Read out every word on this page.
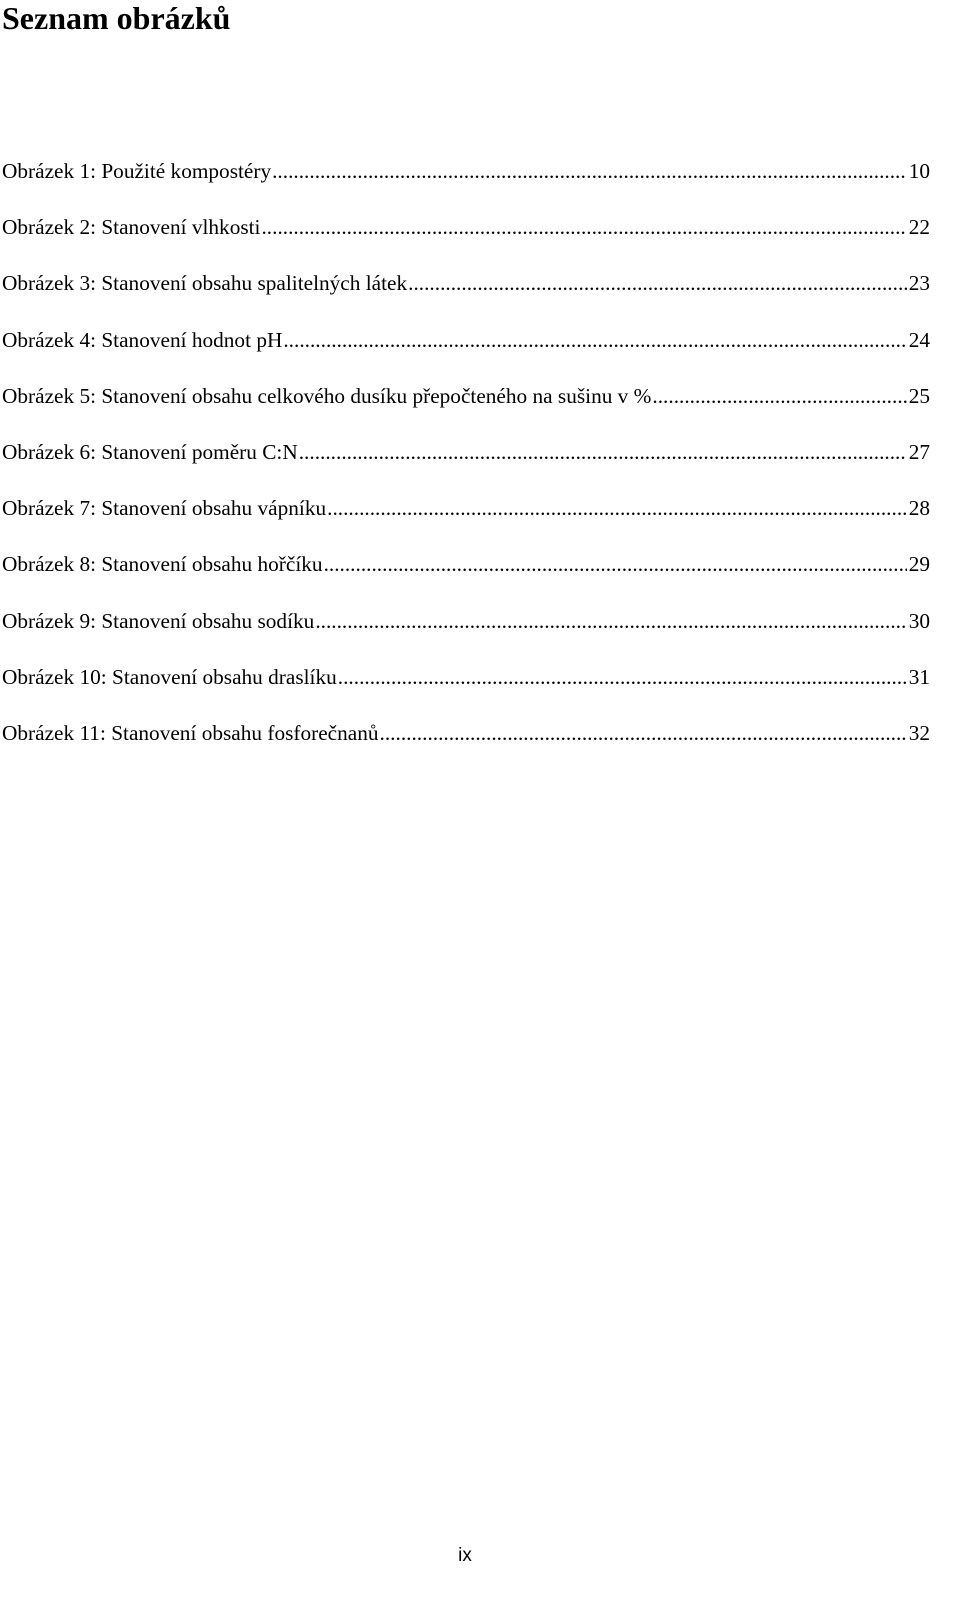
Seznam obrázků
Obrázek 1: Použité kompostéry .....	10
Obrázek 2: Stanovení vlhkosti .....	22
Obrázek 3: Stanovení obsahu spalitelných látek .....	23
Obrázek 4: Stanovení hodnot pH .....	24
Obrázek 5: Stanovení obsahu celkového dusíku přepočteného na sušinu v % .....	25
Obrázek 6: Stanovení poměru C:N .....	27
Obrázek 7: Stanovení obsahu vápníku .....	28
Obrázek 8: Stanovení obsahu hořčíku .....	29
Obrázek 9: Stanovení obsahu sodíku .....	30
Obrázek 10: Stanovení obsahu draslíku .....	31
Obrázek 11: Stanovení obsahu fosforečnanů .....	32
ix
